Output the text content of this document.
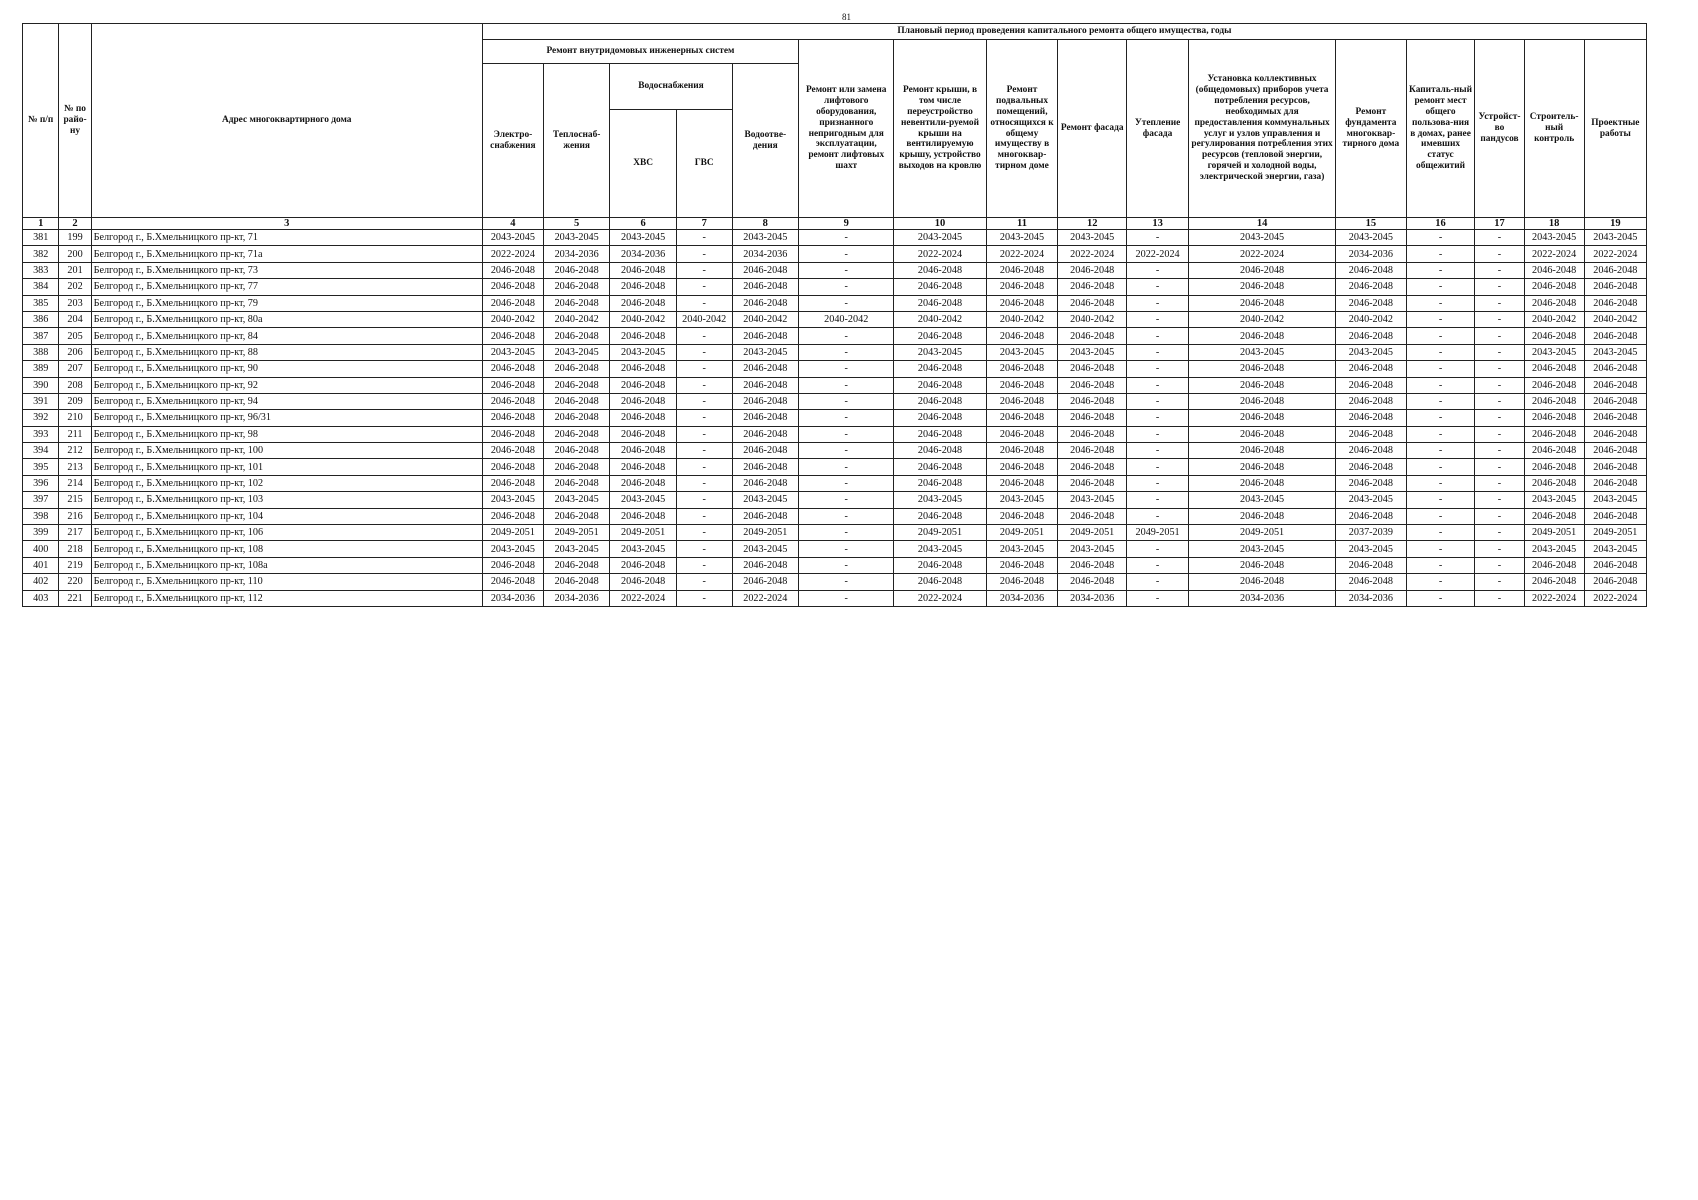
81
№ п/п	№ по райо-ну	Адрес многоквартирного дома	Плановый период проведения капитального ремонта общего имущества, годы															
			Ремонт внутридомовых инженерных систем					Ремонт или замена лифтового оборудования, признанного непригодным для эксплуатации, ремонт лифтовых шахт	Ремонт крыши, в том числе переустройство невентили-руемой крыши на вентилируемую крышу, устройство выходов на кровлю	Ремонт подвальных помещений, относящихся к общему имуществу в многоквар-тирном доме	Ремонт фасада	Утепление фасада	Установка коллективных (общедомовых) приборов учета потребления ресурсов, необходимых для предоставления коммунальных услуг и узлов управления и регулирования потребления этих ресурсов (тепловой энергии, горячей и холодной воды, электрической энергии, газа)	Ремонт фундамента многоквар-тирного дома	Капиталь-ный ремонт мест общего пользова-ния в домах, ранее имевших статус общежитий	Устройст-во пандусов	Строитель-ный контроль	Проектные работы
			Электро-снабжения	Теплоснаб-жения	Водоснабжения		Водоотве-дения											
					ХВС	ГВС												
1	2	3	4	5	6	7	8	9	10	11	12	13	14	15	16	17	18	19
381	199	Белгород г., Б.Хмельницкого пр-кт, 71	2043-2045	2043-2045	2043-2045	-	2043-2045	-	2043-2045	2043-2045	2043-2045	-	2043-2045	2043-2045	-	-	2043-2045	2043-2045
382	200	Белгород г., Б.Хмельницкого пр-кт, 71а	2022-2024	2034-2036	2034-2036	-	2034-2036	-	2022-2024	2022-2024	2022-2024	2022-2024	2022-2024	2034-2036	-	-	2022-2024	2022-2024
383	201	Белгород г., Б.Хмельницкого пр-кт, 73	2046-2048	2046-2048	2046-2048	-	2046-2048	-	2046-2048	2046-2048	2046-2048	-	2046-2048	2046-2048	-	-	2046-2048	2046-2048
384	202	Белгород г., Б.Хмельницкого пр-кт, 77	2046-2048	2046-2048	2046-2048	-	2046-2048	-	2046-2048	2046-2048	2046-2048	-	2046-2048	2046-2048	-	-	2046-2048	2046-2048
385	203	Белгород г., Б.Хмельницкого пр-кт, 79	2046-2048	2046-2048	2046-2048	-	2046-2048	-	2046-2048	2046-2048	2046-2048	-	2046-2048	2046-2048	-	-	2046-2048	2046-2048
386	204	Белгород г., Б.Хмельницкого пр-кт, 80а	2040-2042	2040-2042	2040-2042	2040-2042	2040-2042	2040-2042	2040-2042	2040-2042	2040-2042	-	2040-2042	2040-2042	-	-	2040-2042	2040-2042
387	205	Белгород г., Б.Хмельницкого пр-кт, 84	2046-2048	2046-2048	2046-2048	-	2046-2048	-	2046-2048	2046-2048	2046-2048	-	2046-2048	2046-2048	-	-	2046-2048	2046-2048
388	206	Белгород г., Б.Хмельницкого пр-кт, 88	2043-2045	2043-2045	2043-2045	-	2043-2045	-	2043-2045	2043-2045	2043-2045	-	2043-2045	2043-2045	-	-	2043-2045	2043-2045
389	207	Белгород г., Б.Хмельницкого пр-кт, 90	2046-2048	2046-2048	2046-2048	-	2046-2048	-	2046-2048	2046-2048	2046-2048	-	2046-2048	2046-2048	-	-	2046-2048	2046-2048
390	208	Белгород г., Б.Хмельницкого пр-кт, 92	2046-2048	2046-2048	2046-2048	-	2046-2048	-	2046-2048	2046-2048	2046-2048	-	2046-2048	2046-2048	-	-	2046-2048	2046-2048
391	209	Белгород г., Б.Хмельницкого пр-кт, 94	2046-2048	2046-2048	2046-2048	-	2046-2048	-	2046-2048	2046-2048	2046-2048	-	2046-2048	2046-2048	-	-	2046-2048	2046-2048
392	210	Белгород г., Б.Хмельницкого пр-кт, 96/31	2046-2048	2046-2048	2046-2048	-	2046-2048	-	2046-2048	2046-2048	2046-2048	-	2046-2048	2046-2048	-	-	2046-2048	2046-2048
393	211	Белгород г., Б.Хмельницкого пр-кт, 98	2046-2048	2046-2048	2046-2048	-	2046-2048	-	2046-2048	2046-2048	2046-2048	-	2046-2048	2046-2048	-	-	2046-2048	2046-2048
394	212	Белгород г., Б.Хмельницкого пр-кт, 100	2046-2048	2046-2048	2046-2048	-	2046-2048	-	2046-2048	2046-2048	2046-2048	-	2046-2048	2046-2048	-	-	2046-2048	2046-2048
395	213	Белгород г., Б.Хмельницкого пр-кт, 101	2046-2048	2046-2048	2046-2048	-	2046-2048	-	2046-2048	2046-2048	2046-2048	-	2046-2048	2046-2048	-	-	2046-2048	2046-2048
396	214	Белгород г., Б.Хмельницкого пр-кт, 102	2046-2048	2046-2048	2046-2048	-	2046-2048	-	2046-2048	2046-2048	2046-2048	-	2046-2048	2046-2048	-	-	2046-2048	2046-2048
397	215	Белгород г., Б.Хмельницкого пр-кт, 103	2043-2045	2043-2045	2043-2045	-	2043-2045	-	2043-2045	2043-2045	2043-2045	-	2043-2045	2043-2045	-	-	2043-2045	2043-2045
398	216	Белгород г., Б.Хмельницкого пр-кт, 104	2046-2048	2046-2048	2046-2048	-	2046-2048	-	2046-2048	2046-2048	2046-2048	-	2046-2048	2046-2048	-	-	2046-2048	2046-2048
399	217	Белгород г., Б.Хмельницкого пр-кт, 106	2049-2051	2049-2051	2049-2051	-	2049-2051	-	2049-2051	2049-2051	2049-2051	2049-2051	2049-2051	2037-2039	-	-	2049-2051	2049-2051
400	218	Белгород г., Б.Хмельницкого пр-кт, 108	2043-2045	2043-2045	2043-2045	-	2043-2045	-	2043-2045	2043-2045	2043-2045	-	2043-2045	2043-2045	-	-	2043-2045	2043-2045
401	219	Белгород г., Б.Хмельницкого пр-кт, 108а	2046-2048	2046-2048	2046-2048	-	2046-2048	-	2046-2048	2046-2048	2046-2048	-	2046-2048	2046-2048	-	-	2046-2048	2046-2048
402	220	Белгород г., Б.Хмельницкого пр-кт, 110	2046-2048	2046-2048	2046-2048	-	2046-2048	-	2046-2048	2046-2048	2046-2048	-	2046-2048	2046-2048	-	-	2046-2048	2046-2048
403	221	Белгород г., Б.Хмельницкого пр-кт, 112	2034-2036	2034-2036	2022-2024	-	2022-2024	-	2022-2024	2034-2036	2034-2036	-	2034-2036	2034-2036	-	-	2022-2024	2022-2024
